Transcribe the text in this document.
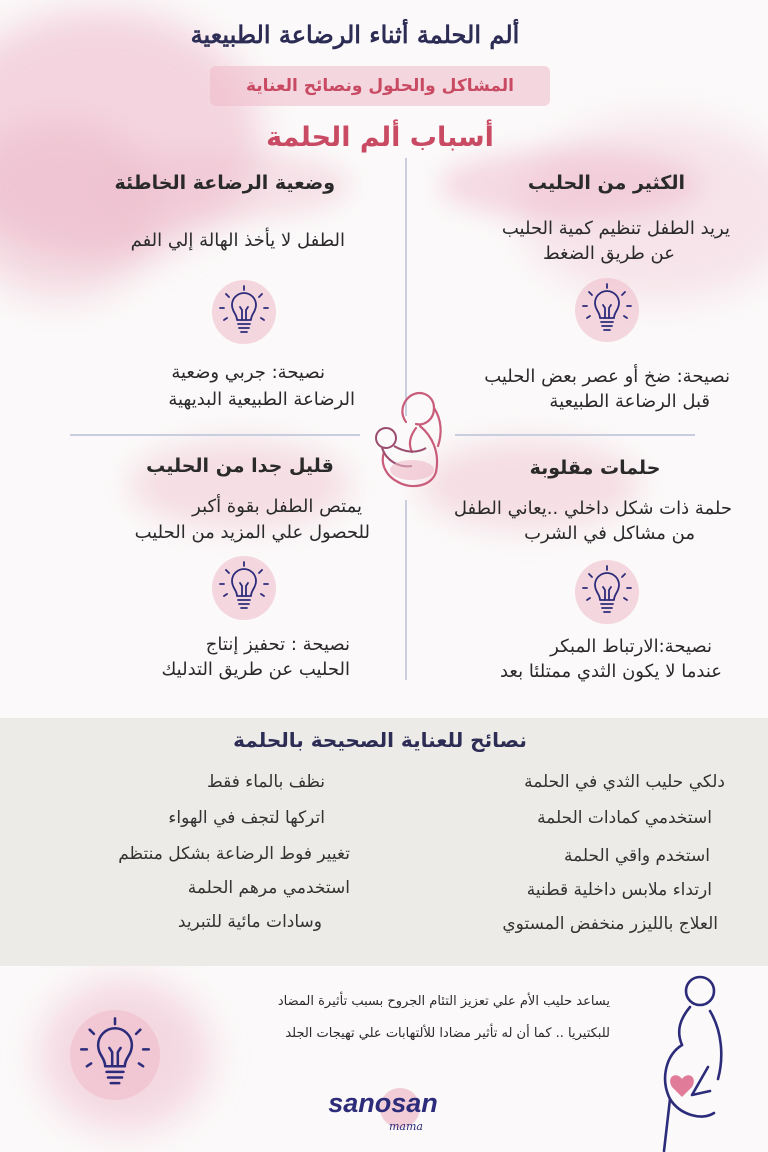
ألم الحلمة أثناء الرضاعة الطبيعية
المشاكل والحلول ونصائح العناية
أسباب ألم الحلمة
الكثير من الحليب
يريد الطفل تنظيم كمية الحليب
عن طريق الضغط
نصيحة: ضخ أو عصر بعض الحليب
قبل الرضاعة الطبيعية
وضعية الرضاعة الخاطئة
الطفل لا يأخذ الهالة إلي الفم
نصيحة: جربي وضعية
الرضاعة الطبيعية البديهية
حلمات مقلوبة
حلمة ذات شكل داخلي ..يعاني الطفل
من مشاكل في الشرب
نصيحة:الارتباط المبكر
عندما لا يكون الثدي ممتلئا بعد
قليل جدا من الحليب
يمتص الطفل بقوة أكبر
للحصول علي المزيد من الحليب
نصيحة : تحفيز إنتاج
الحليب عن طريق التدليك
نصائح للعناية الصحيحة بالحلمة
دلكي حليب الثدي في الحلمة
استخدمي كمادات الحلمة
استخدم واقي الحلمة
ارتداء ملابس داخلية قطنية
العلاج بالليزر منخفض المستوي
نظف بالماء فقط
اتركها لتجف في الهواء
تغيير فوط الرضاعة بشكل منتظم
استخدمي مرهم الحلمة
وسادات مائية للتبريد
يساعد حليب الأم علي تعزيز التئام الجروح بسبب تأثيرة المضاد
للبكتيريا .. كما أن له تأثير مضادا للألتهابات علي تهيجات الجلد
sanosan
mama
